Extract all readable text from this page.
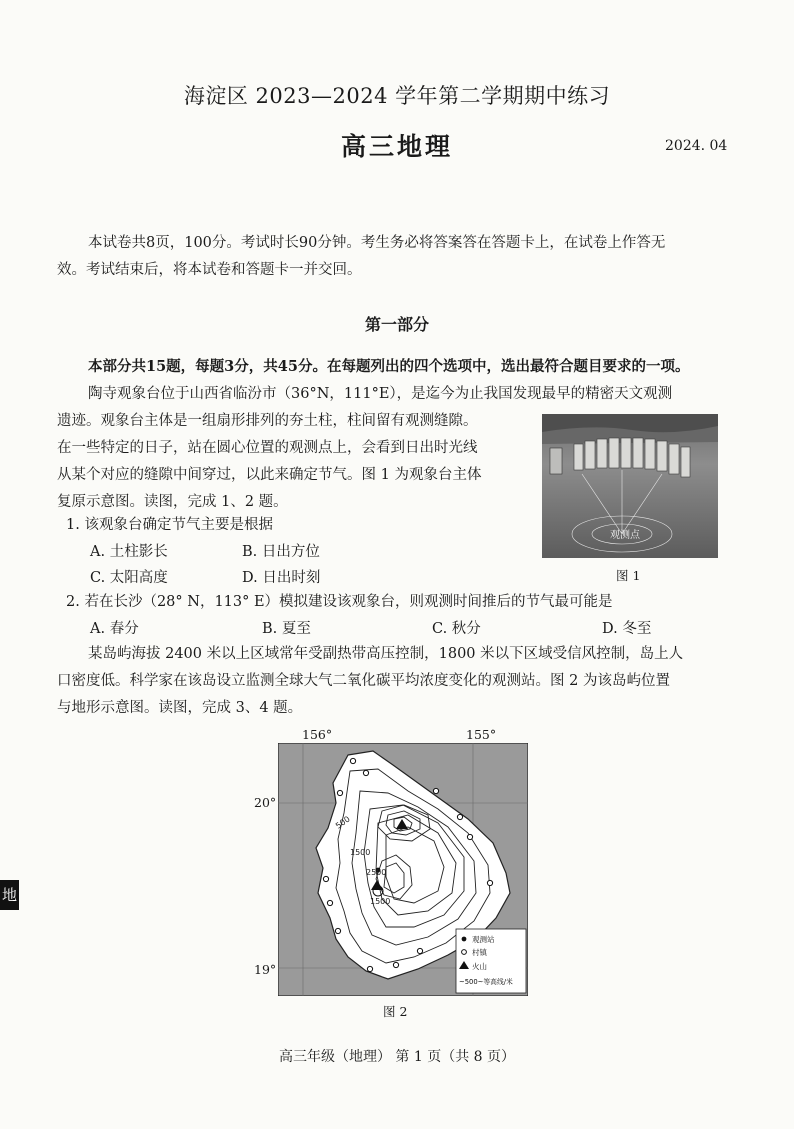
海淀区 2023—2024 学年第二学期期中练习
高三地理	2024. 04
本试卷共8页，100分。考试时长90分钟。考生务必将答案答在答题卡上，在试卷上作答无
效。考试结束后，将本试卷和答题卡一并交回。
第一部分
本部分共15题，每题3分，共45分。在每题列出的四个选项中，选出最符合题目要求的一项。
陶寺观象台位于山西省临汾市（36°N，111°E），是迄今为止我国发现最早的精密天文观测
遗迹。观象台主体是一组扇形排列的夯土柱，柱间留有观测缝隙。
在一些特定的日子，站在圆心位置的观测点上，会看到日出时光线
从某个对应的缝隙中间穿过，以此来确定节气。图 1 为观象台主体
复原示意图。读图，完成 1、2 题。
观测点
图 1
1. 该观象台确定节气主要是根据
A. 土柱影长	B. 日出方位
C. 太阳高度	D. 日出时刻
2. 若在长沙（28° N，113° E）模拟建设该观象台，则观测时间推后的节气最可能是
A. 春分	B. 夏至	C. 秋分	D. 冬至
某岛屿海拔 2400 米以上区域常年受副热带高压控制，1800 米以下区域受信风控制，岛上人
口密度低。科学家在该岛设立监测全球大气二氧化碳平均浓度变化的观测站。图 2 为该岛屿位置
与地形示意图。读图，完成 3、4 题。
156°	155°
20°
19°
500
1500
2500
1500
观测站
村镇
火山
~500~等高线/米
图 2
地
高三年级（地理） 第 1 页（共 8 页）
